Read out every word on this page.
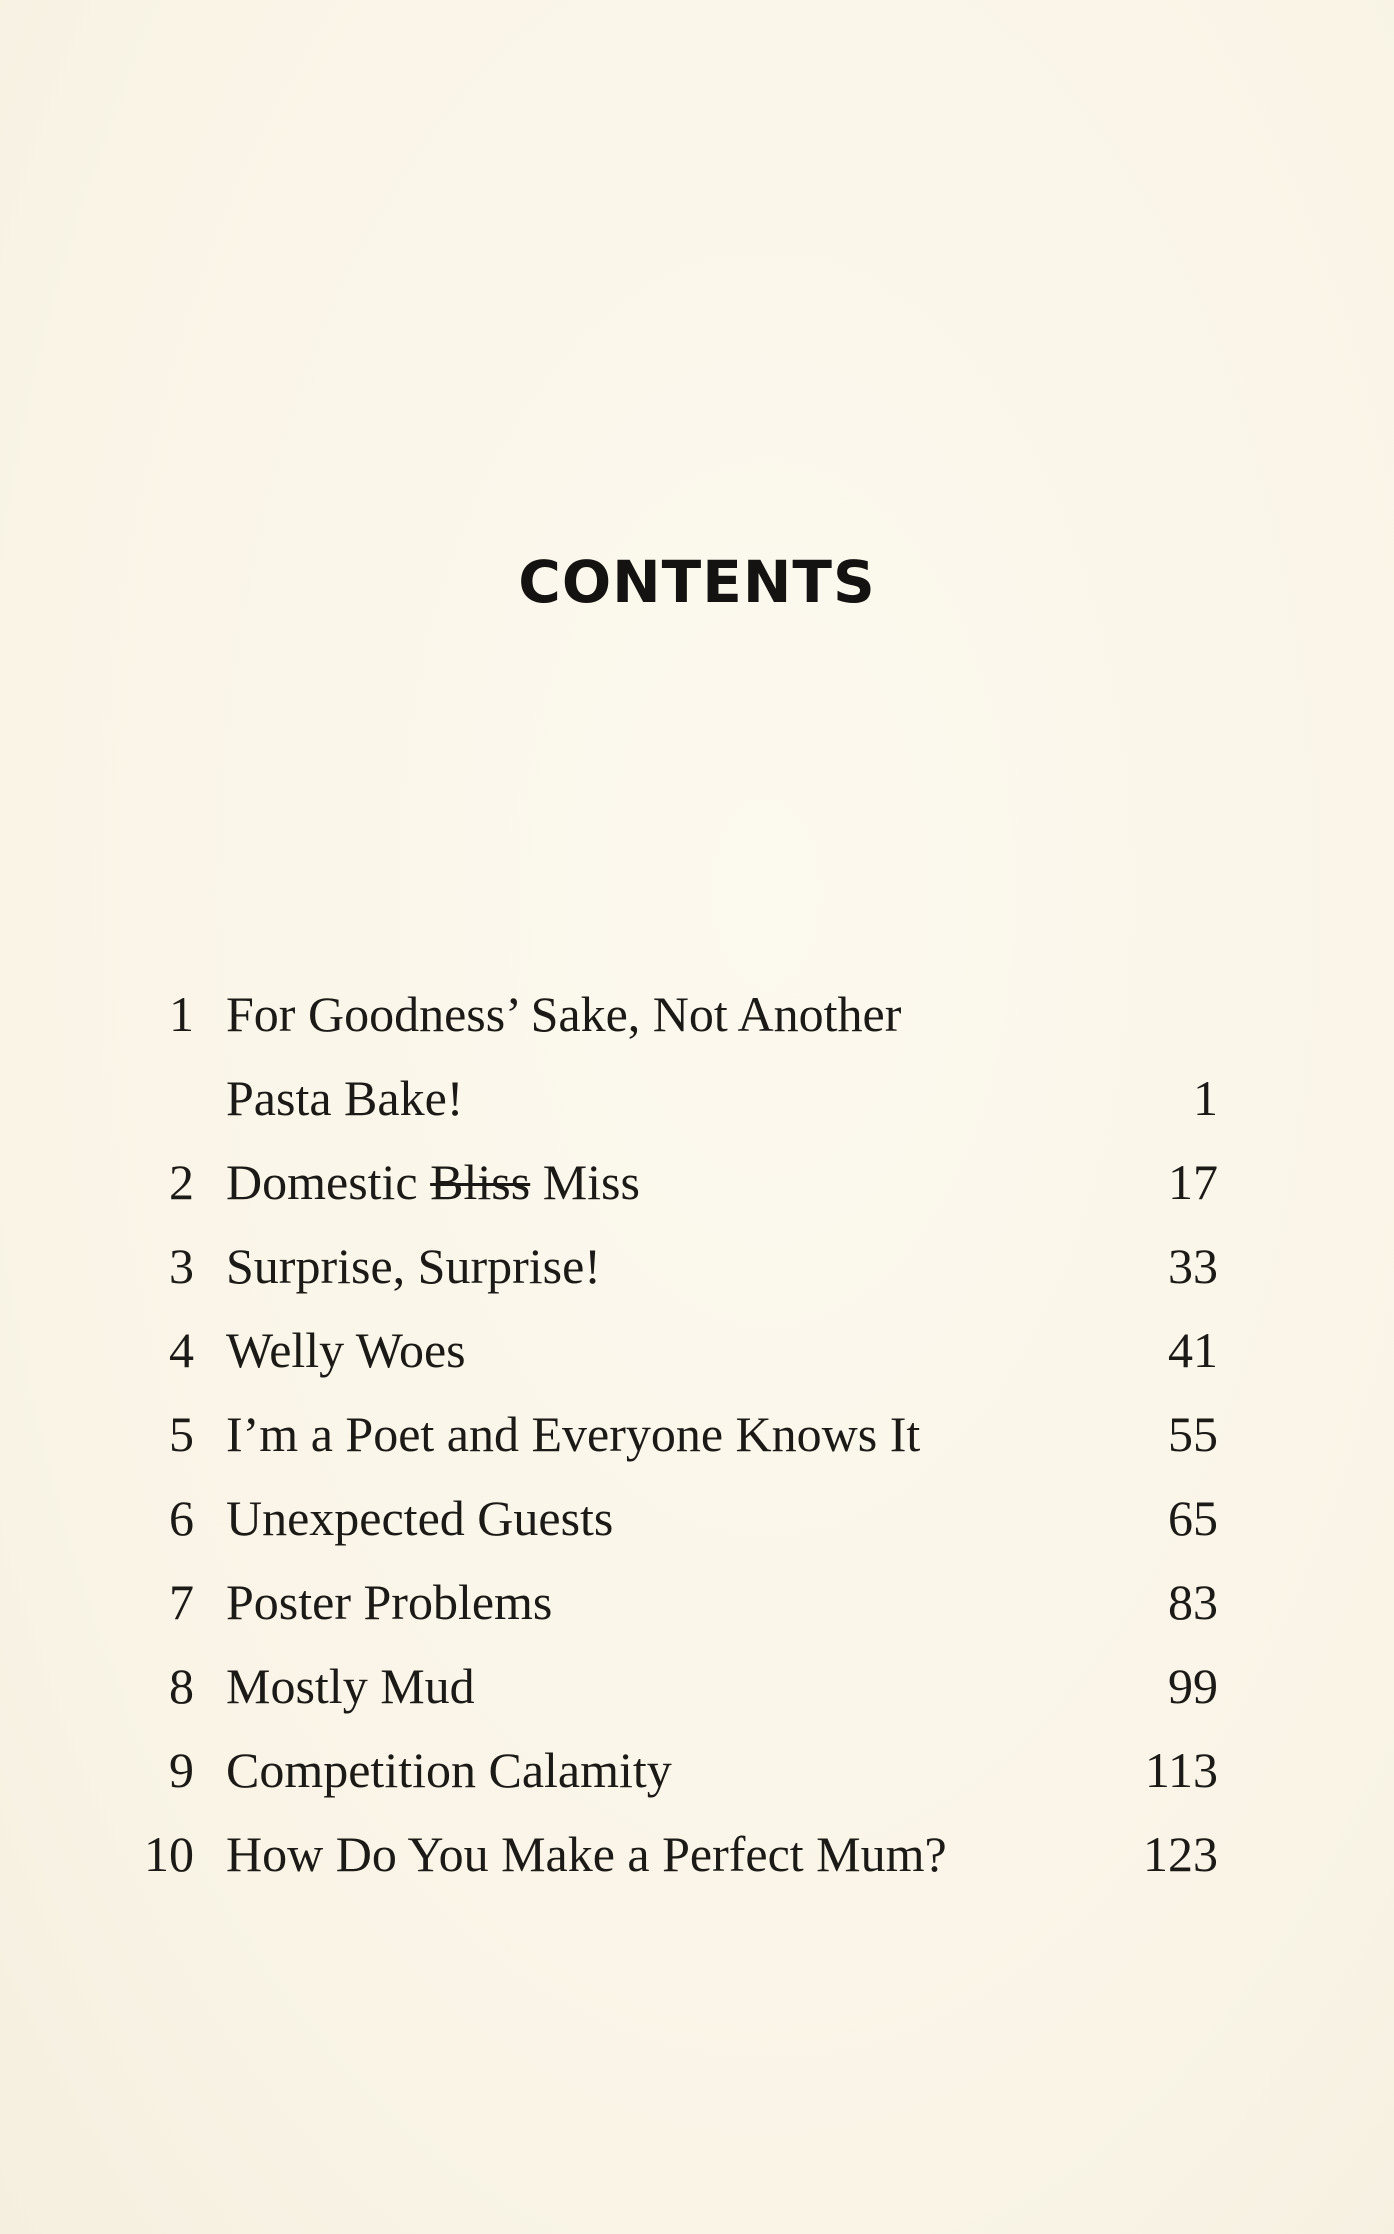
CONTENTS
1 For Goodness’ Sake, Not Another
Pasta Bake!	1
2 Domestic Bliss Miss	17
3 Surprise, Surprise!	33
4 Welly Woes	41
5 I’m a Poet and Everyone Knows It	55
6 Unexpected Guests	65
7 Poster Problems	83
8 Mostly Mud	99
9 Competition Calamity	113
10 How Do You Make a Perfect Mum?	123
